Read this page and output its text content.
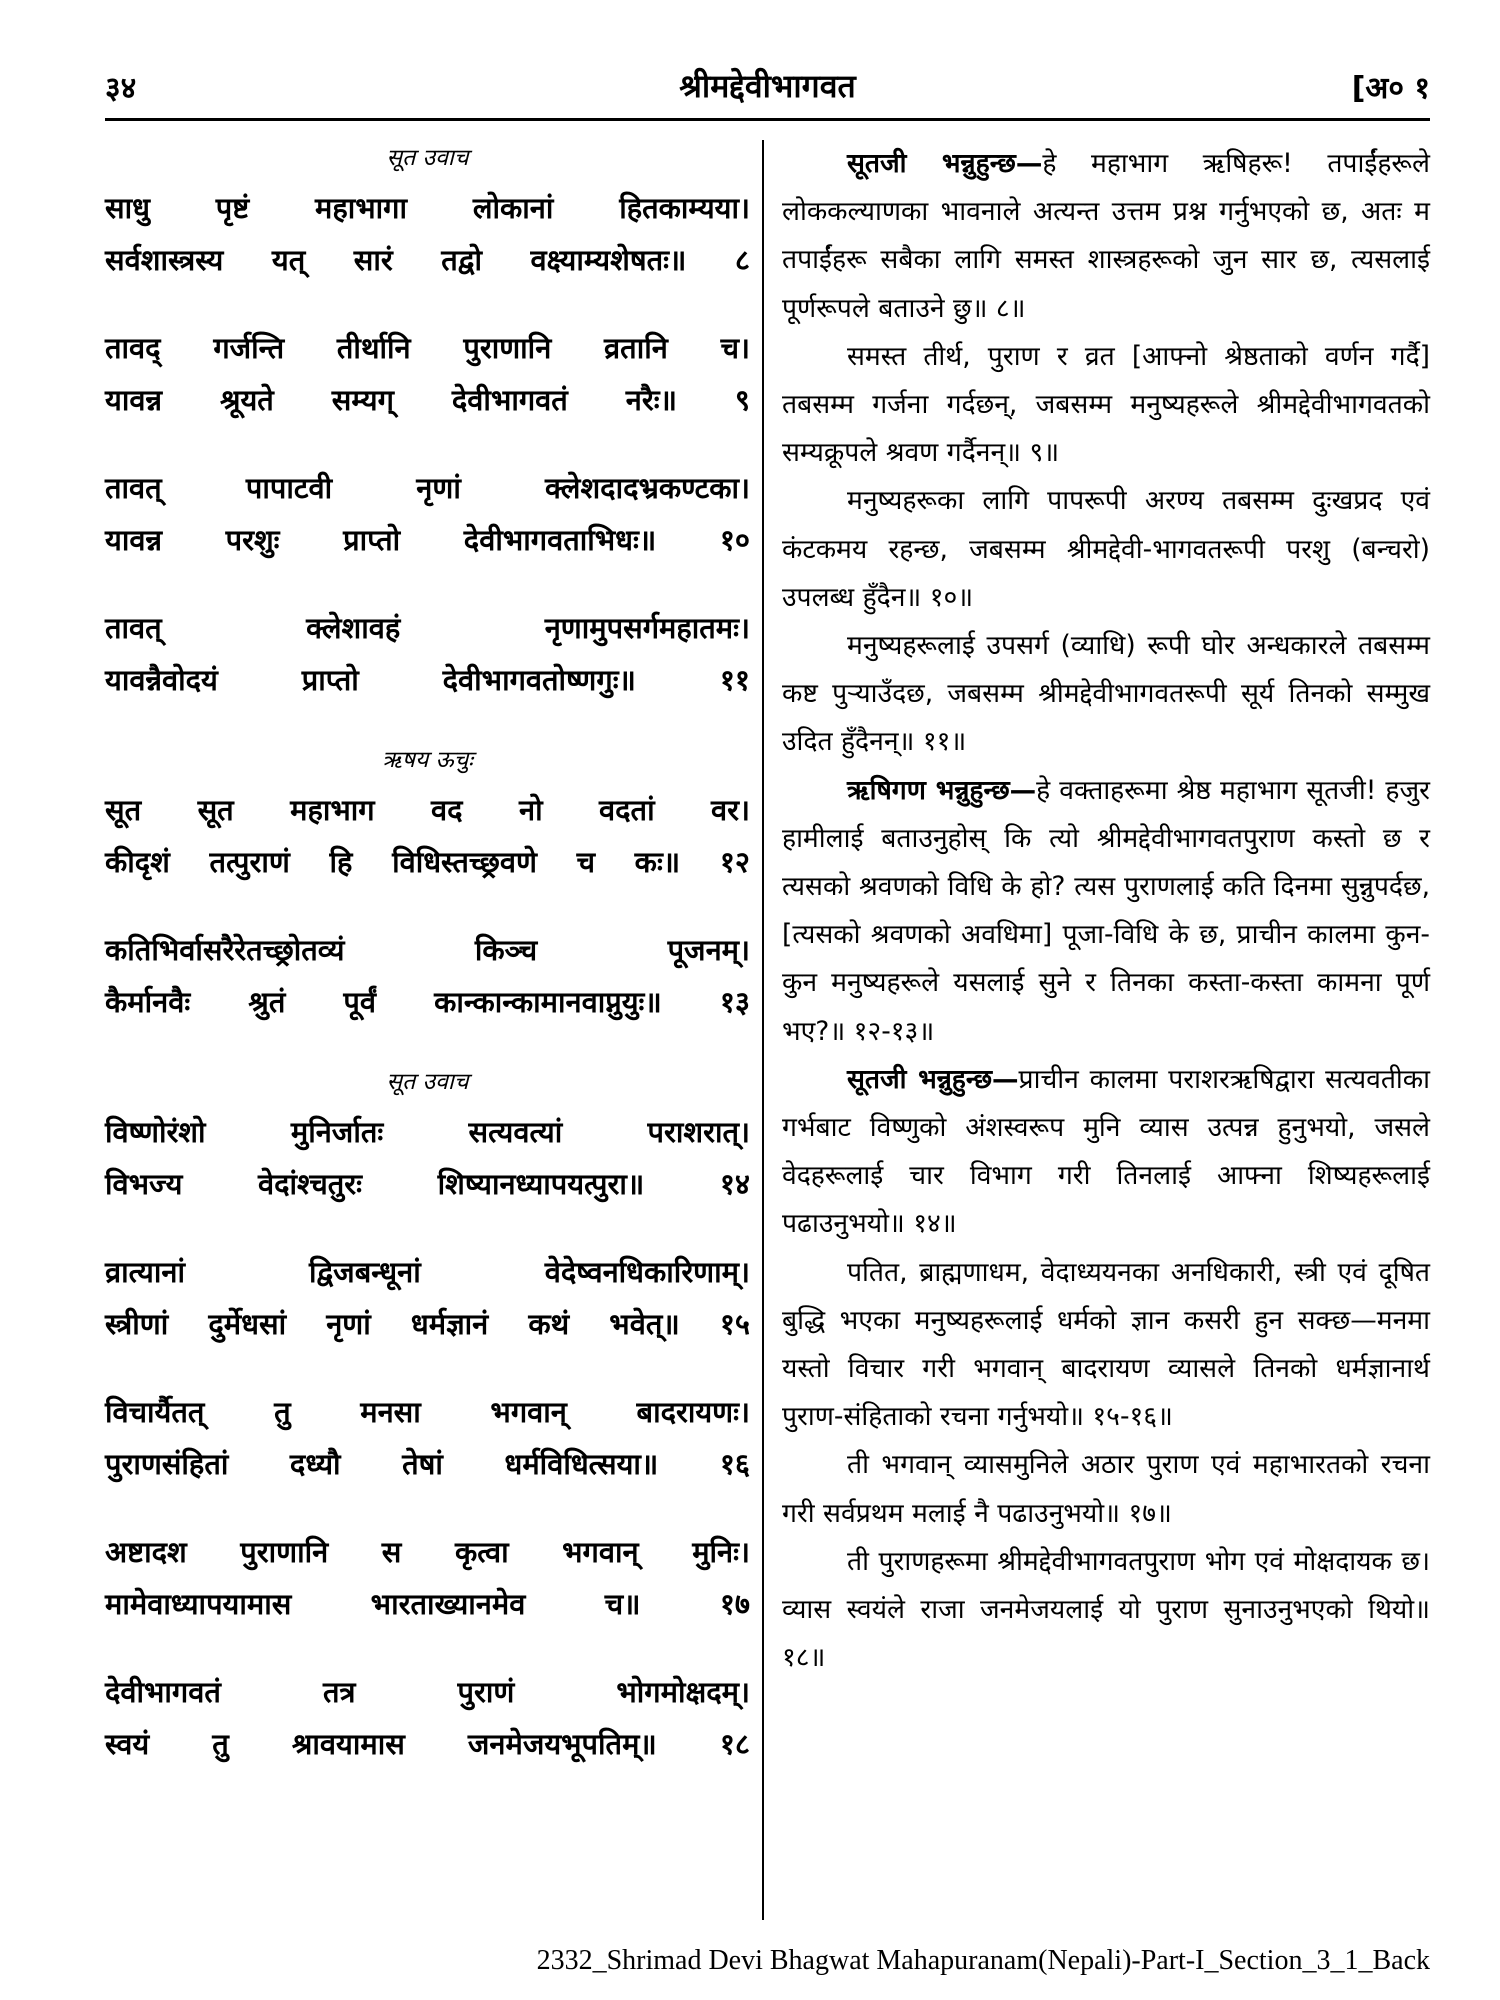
३४	श्रीमद्देवीभागवत	[अ० १
सूत उवाच
साधु पृष्टं महाभागा लोकानां हितकाम्यया।
सर्वशास्त्रस्य यत् सारं तद्वो वक्ष्याम्यशेषतः॥ ८
तावद् गर्जन्ति तीर्थानि पुराणानि व्रतानि च।
यावन्न श्रूयते सम्यग् देवीभागवतं नरैः॥ ९
तावत् पापाटवी नृणां क्लेशदादभ्रकण्टका।
यावन्न परशुः प्राप्तो देवीभागवताभिधः॥ १०
तावत् क्लेशावहं नृणामुपसर्गमहातमः।
यावन्नैवोदयं प्राप्तो देवीभागवतोष्णगुः॥ ११
ऋषय ऊचुः
सूत सूत महाभाग वद नो वदतां वर।
कीदृशं तत्पुराणं हि विधिस्तच्छ्रवणे च कः॥ १२
कतिभिर्वासरैरेतच्छ्रोतव्यं किञ्च पूजनम्।
कैर्मानवैः श्रुतं पूर्वं कान्कान्कामानवाप्नुयुः॥ १३
सूत उवाच
विष्णोरंशो मुनिर्जातः सत्यवत्यां पराशरात्।
विभज्य वेदांश्चतुरः शिष्यानध्यापयत्पुरा॥ १४
व्रात्यानां द्विजबन्धूनां वेदेष्वनधिकारिणाम्।
स्त्रीणां दुर्मेधसां नृणां धर्मज्ञानं कथं भवेत्॥ १५
विचार्यैतत् तु मनसा भगवान् बादरायणः।
पुराणसंहितां दध्यौ तेषां धर्मविधित्सया॥ १६
अष्टादश पुराणानि स कृत्वा भगवान् मुनिः।
मामेवाध्यापयामास भारताख्यानमेव च॥ १७
देवीभागवतं तत्र पुराणं भोगमोक्षदम्।
स्वयं तु श्रावयामास जनमेजयभूपतिम्॥ १८

सूतजी भन्नुहुन्छ—हे महाभाग ऋषिहरू! तपाईंहरूले लोककल्याणका भावनाले अत्यन्त उत्तम प्रश्न गर्नुभएको छ, अतः म तपाईंहरू सबैका लागि समस्त शास्त्रहरूको जुन सार छ, त्यसलाई पूर्णरूपले बताउने छु॥ ८॥

समस्त तीर्थ, पुराण र व्रत [आफ्नो श्रेष्ठताको वर्णन गर्दै] तबसम्म गर्जना गर्दछन्, जबसम्म मनुष्यहरूले श्रीमद्देवीभागवतको सम्यक्रूपले श्रवण गर्दैनन्॥ ९॥

मनुष्यहरूका लागि पापरूपी अरण्य तबसम्म दुःखप्रद एवं कंटकमय रहन्छ, जबसम्म श्रीमद्देवी-भागवतरूपी परशु (बन्चरो) उपलब्ध हुँदैन॥ १०॥

मनुष्यहरूलाई उपसर्ग (व्याधि) रूपी घोर अन्धकारले तबसम्म कष्ट पुऱ्याउँदछ, जबसम्म श्रीमद्देवीभागवतरूपी सूर्य तिनको सम्मुख उदित हुँदैनन्॥ ११॥

ऋषिगण भन्नुहुन्छ—हे वक्ताहरूमा श्रेष्ठ महाभाग सूतजी! हजुर हामीलाई बताउनुहोस् कि त्यो श्रीमद्देवीभागवतपुराण कस्तो छ र त्यसको श्रवणको विधि के हो? त्यस पुराणलाई कति दिनमा सुन्नुपर्दछ, [त्यसको श्रवणको अवधिमा] पूजा-विधि के छ, प्राचीन कालमा कुन-कुन मनुष्यहरूले यसलाई सुने र तिनका कस्ता-कस्ता कामना पूर्ण भए?॥ १२-१३॥

सूतजी भन्नुहुन्छ—प्राचीन कालमा पराशरऋषिद्वारा सत्यवतीका गर्भबाट विष्णुको अंशस्वरूप मुनि व्यास उत्पन्न हुनुभयो, जसले वेदहरूलाई चार विभाग गरी तिनलाई आफ्ना शिष्यहरूलाई पढाउनुभयो॥ १४॥

पतित, ब्राह्मणाधम, वेदाध्ययनका अनधिकारी, स्त्री एवं दूषित बुद्धि भएका मनुष्यहरूलाई धर्मको ज्ञान कसरी हुन सक्छ—मनमा यस्तो विचार गरी भगवान् बादरायण व्यासले तिनको धर्मज्ञानार्थ पुराण-संहिताको रचना गर्नुभयो॥ १५-१६॥

ती भगवान् व्यासमुनिले अठार पुराण एवं महाभारतको रचना गरी सर्वप्रथम मलाई नै पढाउनुभयो॥ १७॥

ती पुराणहरूमा श्रीमद्देवीभागवतपुराण भोग एवं मोक्षदायक छ। व्यास स्वयंले राजा जनमेजयलाई यो पुराण सुनाउनुभएको थियो॥ १८॥

2332_Shrimad Devi Bhagwat Mahapuranam(Nepali)-Part-I_Section_3_1_Back
